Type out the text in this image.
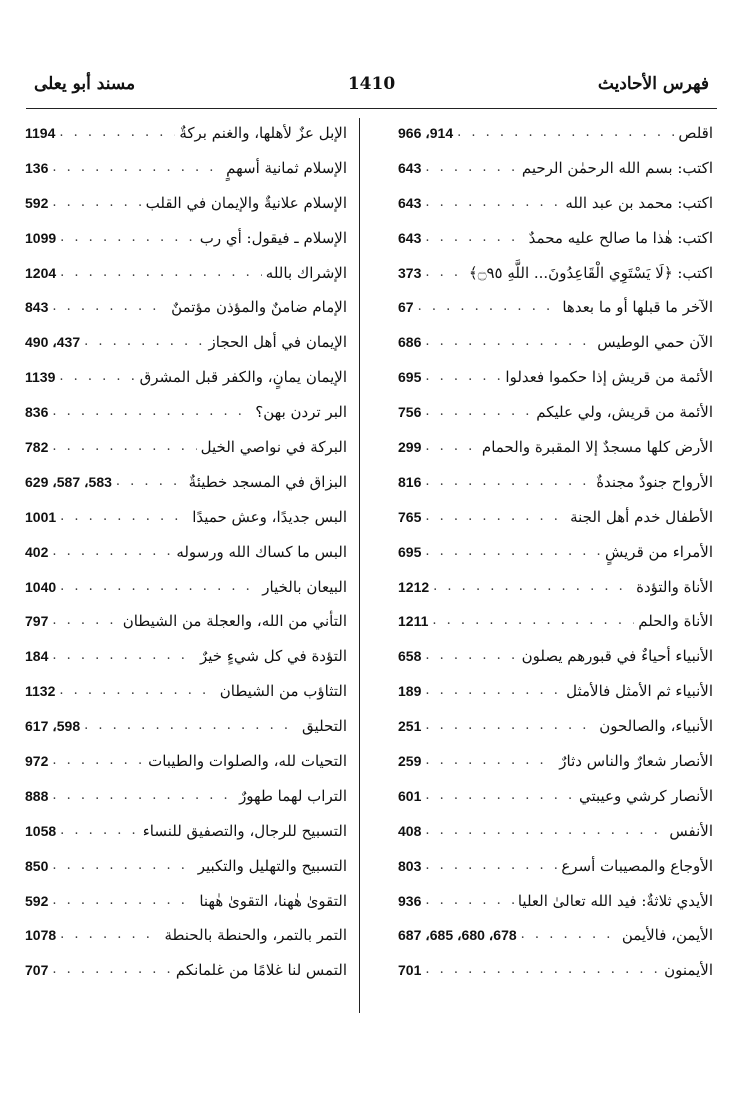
فهرس الأحاديث
1410
مسند أبو يعلى
اقلص
. . .
966 ،914
اكتب: بسم الله الرحمٰن الرحيم
. . .
643
اكتب: محمد بن عبد الله
. . .
643
اكتب: هٰذا ما صالح عليه محمدٌ
. . .
643
اكتب: ﴿لَا يَسْتَوِي الْقَاعِدُونَ... اللَّهِ ۝٩٥﴾
. . .
373
الآخر ما قبلها أو ما بعدها
. . .
67
الآن حمي الوطيس
. . .
686
الأئمة من قريش إذا حكموا فعدلوا
. . .
695
الأئمة من قريش، ولي عليكم
. . .
756
الأرض كلها مسجدٌ إلا المقبرة والحمام
. . .
299
الأرواح جنودٌ مجندةٌ
. . .
816
الأطفال خدم أهل الجنة
. . .
765
الأمراء من قريشٍ
. . .
695
الأناة والتؤدة
. . .
1212
الأناة والحلم
. . .
1211
الأنبياء أحياءٌ في قبورهم يصلون
. . .
658
الأنبياء ثم الأمثل فالأمثل
. . .
189
الأنبياء، والصالحون
. . .
251
الأنصار شعارٌ والناس دثارٌ
. . .
259
الأنصار كرشي وعيبتي
. . .
601
الأنفس
. . .
408
الأوجاع والمصيبات أسرع
. . .
803
الأيدي ثلاثةٌ: فيد الله تعالىٰ العليا
. . .
936
الأيمن، فالأيمن
. . .
687 ،685 ،680 ،678
الأيمنون
. . .
701
الإبل عزٌ لأهلها، والغنم بركةٌ
. . .
1194
الإسلام ثمانية أسهمٍ
. . .
136
الإسلام علانيةٌ والإيمان في القلب
. . .
592
الإسلام ـ فيقول: أي رب
. . .
1099
الإشراك بالله
. . .
1204
الإمام ضامنٌ والمؤذن مؤتمنٌ
. . .
843
الإيمان في أهل الحجاز
. . .
490 ،437
الإيمان يمانٍ، والكفر قبل المشرق
. . .
1139
البر تردن بهن؟
. . .
836
البركة في نواصي الخيل
. . .
782
البزاق في المسجد خطيئةٌ
. . .
629 ،587 ،583
البس جديدًا، وعش حميدًا
. . .
1001
البس ما كساك الله ورسوله
. . .
402
البيعان بالخيار
. . .
1040
التأني من الله، والعجلة من الشيطان
. . .
797
التؤدة في كل شيءٍ خيرٌ
. . .
184
التثاؤب من الشيطان
. . .
1132
التحليق
. . .
617 ،598
التحيات لله، والصلوات والطيبات
. . .
972
التراب لهما طهورٌ
. . .
888
التسبيح للرجال، والتصفيق للنساء
. . .
1058
التسبيح والتهليل والتكبير
. . .
850
التقوىٰ هٰهنا، التقوىٰ هٰهنا
. . .
592
التمر بالتمر، والحنطة بالحنطة
. . .
1078
التمس لنا غلامًا من غلمانكم
. . .
707
